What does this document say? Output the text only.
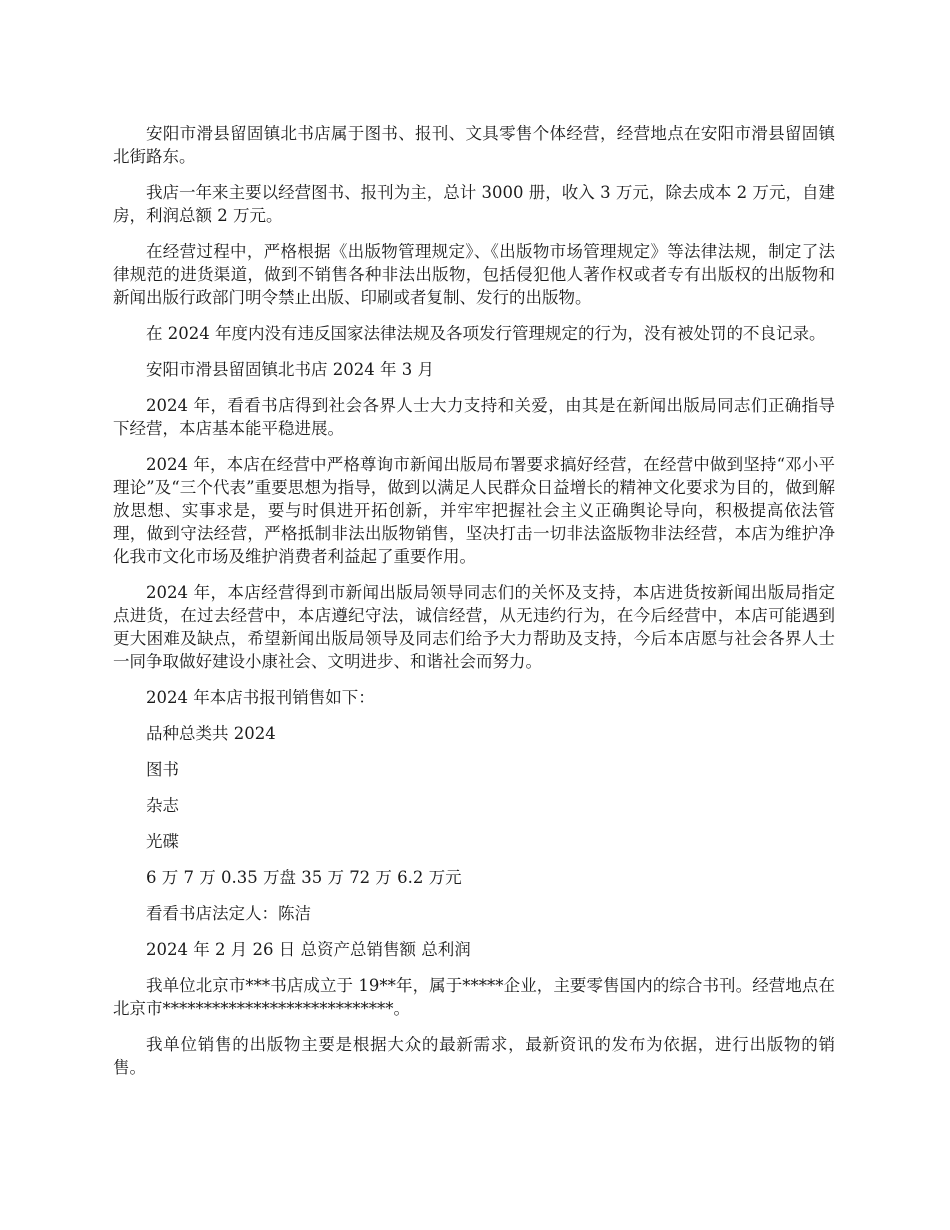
安阳市滑县留固镇北书店属于图书、报刊、文具零售个体经营，经营地点在安阳市滑县留固镇北街路东。

我店一年来主要以经营图书、报刊为主，总计 3000 册，收入 3 万元，除去成本 2 万元，自建房，利润总额 2 万元。

在经营过程中，严格根据《出版物管理规定》、《出版物市场管理规定》等法律法规，制定了法律规范的进货渠道，做到不销售各种非法出版物，包括侵犯他人著作权或者专有出版权的出版物和新闻出版行政部门明令禁止出版、印刷或者复制、发行的出版物。

在 2024 年度内没有违反国家法律法规及各项发行管理规定的行为，没有被处罚的不良记录。

安阳市滑县留固镇北书店 2024 年 3 月

2024 年，看看书店得到社会各界人士大力支持和关爱，由其是在新闻出版局同志们正确指导下经营，本店基本能平稳进展。

2024 年，本店在经营中严格尊询市新闻出版局布署要求搞好经营，在经营中做到坚持“邓小平理论”及“三个代表”重要思想为指导，做到以满足人民群众日益增长的精神文化要求为目的，做到解放思想、实事求是，要与时俱进开拓创新，并牢牢把握社会主义正确舆论导向，积极提高依法管理，做到守法经营，严格抵制非法出版物销售，坚决打击一切非法盗版物非法经营，本店为维护净化我市文化市场及维护消费者利益起了重要作用。

2024 年，本店经营得到市新闻出版局领导同志们的关怀及支持，本店进货按新闻出版局指定点进货，在过去经营中，本店遵纪守法，诚信经营，从无违约行为，在今后经营中，本店可能遇到更大困难及缺点，希望新闻出版局领导及同志们给予大力帮助及支持，今后本店愿与社会各界人士一同争取做好建设小康社会、文明进步、和谐社会而努力。

2024 年本店书报刊销售如下：

品种总类共 2024

图书

杂志

光碟

6 万 7 万 0.35 万盘 35 万 72 万 6.2 万元

看看书店法定人：陈洁

2024 年 2 月 26 日 总资产总销售额 总利润

我单位北京市***书店成立于 19**年，属于*****企业，主要零售国内的综合书刊。经营地点在北京市****************************。

我单位销售的出版物主要是根据大众的最新需求，最新资讯的发布为依据，进行出版物的销售。
